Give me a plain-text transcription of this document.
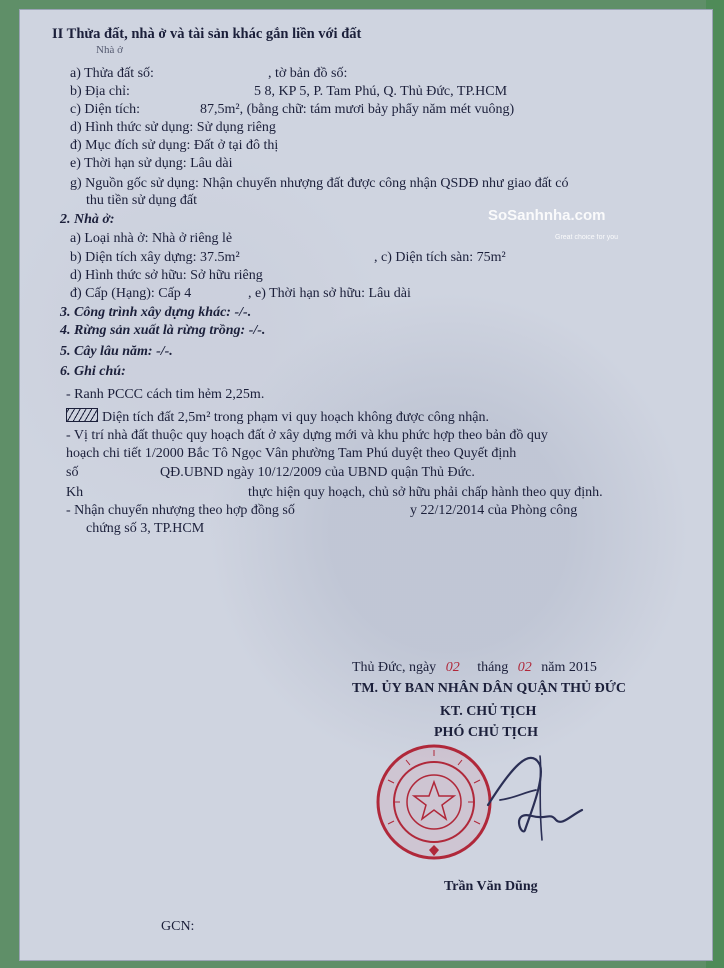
II Thửa đất, nhà ở và tài sản khác gắn liền với đất
Nhà ở
a) Thửa đất số:	, tờ bản đồ số:
b) Địa chỉ:	5 8, KP 5, P. Tam Phú, Q. Thủ Đức, TP.HCM
c) Diện tích:	87,5m², (bằng chữ: tám mươi bảy phẩy năm mét vuông)
d) Hình thức sử dụng: Sử dụng riêng
đ) Mục đích sử dụng: Đất ở tại đô thị
e) Thời hạn sử dụng: Lâu dài
g) Nguồn gốc sử dụng: Nhận chuyển nhượng đất được công nhận QSDĐ như giao đất có
thu tiền sử dụng đất
SoSanhnha.com
Great choice for you
2. Nhà ở:
a) Loại nhà ở: Nhà ở riêng lẻ
b) Diện tích xây dựng: 37.5m²	, c) Diện tích sàn: 75m²
d) Hình thức sở hữu: Sở hữu riêng
đ) Cấp (Hạng): Cấp 4	, e) Thời hạn sở hữu: Lâu dài
3. Công trình xây dựng khác: -/-.
4. Rừng sản xuất là rừng trồng: -/-.
5. Cây lâu năm: -/-.
6. Ghi chú:
- Ranh PCCC cách tim hẻm 2,25m.
Diện tích đất 2,5m² trong phạm vi quy hoạch không được công nhận.
- Vị trí nhà đất thuộc quy hoạch đất ở xây dựng mới và khu phức hợp theo bản đồ quy
hoạch chi tiết 1/2000 Bắc Tô Ngọc Vân phường Tam Phú duyệt theo Quyết định
số	QĐ.UBND ngày 10/12/2009 của UBND quận Thủ Đức.
Kh	thực hiện quy hoạch, chủ sở hữu phải chấp hành theo quy định.
- Nhận chuyển nhượng theo hợp đồng số	y 22/12/2014 của Phòng công
chứng số 3, TP.HCM
Thủ Đức, ngày 02 tháng 02 năm 2015
TM. ỦY BAN NHÂN DÂN QUẬN THỦ ĐỨC
KT. CHỦ TỊCH
PHÓ CHỦ TỊCH
Trần Văn Dũng
GCN:
